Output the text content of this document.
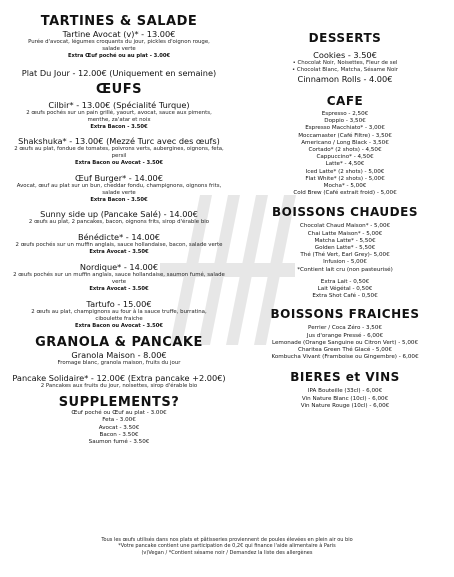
TARTINES & SALADE

Tartine Avocat (v)* - 13.00€

Purée d'avocat, légumes croquants du jour, pickles d'oignon rouge, salade verte

Extra Œuf poché ou au plat - 3.00€

Plat Du Jour - 12.00€ (Uniquement en semaine)

ŒUFS

Cilbir* - 13.00€ (Spécialité Turque)

2 œufs pochés sur un pain grillé, yaourt, avocat, sauce aux piments, menthe, za'atar et noix

Extra Bacon - 3.50€

Shakshuka* - 13.00€ (Mezzé Turc avec des œufs)

2 œufs au plat, fondue de tomates, poivrons verts, aubergines, oignons, feta, persil

Extra Bacon ou Avocat - 3.50€

Œuf Burger* - 14.00€

Avocat, œuf au plat sur un bun, cheddar fondu, champignons, oignons frits, salade verte

Extra Bacon - 3.50€

Sunny side up (Pancake Salé) - 14.00€

2 œufs au plat, 2 pancakes, bacon, oignons frits, sirop d'érable bio

Bénédicte* - 14.00€

2 œufs pochés sur un muffin anglais, sauce hollandaise, bacon, salade verte

Extra Avocat - 3.50€

Nordique* - 14.00€

2 œufs pochés sur un muffin anglais, sauce hollandaise, saumon fumé, salade verte

Extra Avocat - 3.50€

Tartufo - 15.00€

2 œufs au plat, champignons au four à la sauce truffe, burratina, ciboulette fraiche

Extra Bacon ou Avocat - 3.50€

GRANOLA & PANCAKE

Granola Maison - 8.00€

Fromage blanc, granola maison, fruits du jour

Pancake Solidaire* - 12.00€ (Extra pancake +2.00€)

2 Pancakes aux fruits du jour, noisettes, sirop d'érable bio

SUPPLEMENTS?

Œuf poché ou Œuf au plat - 3.00€

Feta - 3.00€

Avocat - 3.50€

Bacon - 3.50€

Saumon fumé - 3.50€

DESSERTS

Cookies - 3.50€

• Chocolat Noir, Noisettes, Fleur de sel

• Chocolat Blanc, Matcha, Sésame Noir

Cinnamon Rolls - 4.00€

CAFE

Espresso - 2,50€

Doppio - 3,50€

Espresso Macchiato* - 3,00€

Moccamaster (Café Filtre) - 3,50€

Americano / Long Black - 3,50€

Cortado* (2 shots) - 4,50€

Cappuccino* - 4,50€

Latte* - 4,50€

Iced Latte* (2 shots) - 5,00€

Flat White* (2 shots) - 5,00€

Mocha* - 5,00€

Cold Brew (Café extrait froid) - 5,00€

BOISSONS CHAUDES

Chocolat Chaud Maison* - 5,00€

Chai Latte Maison* - 5,00€

Matcha Latte* - 5,50€

Golden Latte* - 5,50€

Thé (Thé Vert, Earl Grey)- 5,00€

Infusion - 5,00€

*Contient lait cru (non pasteurisé)

Extra Lait - 0,50€

Lait Végétal - 0,50€

Extra Shot Café - 0,50€

BOISSONS FRAICHES

Perrier / Coca Zéro - 3,50€

Jus d'orange Pressé - 6,00€

Lemonade (Orange Sanguine ou Citron Vert) - 5,00€

Charitea Green Thé Glacé - 5,00€

Kombucha Vivant (Framboise ou Gingembre) - 6,00€

BIERES et VINS

IPA Bouteille (33cl) - 6,00€

Vin Nature Blanc (10cl) - 6,00€

Vin Nature Rouge (10cl) - 6,00€

Tous les œufs utilisés dans nos plats et pâtisseries proviennent de poules élevées en plein air ou bio

*Votre pancake contient une participation de 0,2€ qui finance l'aide alimentaire à Paris

(v)Vegan / *Contient sésame noir / Demandez la liste des allergènes
